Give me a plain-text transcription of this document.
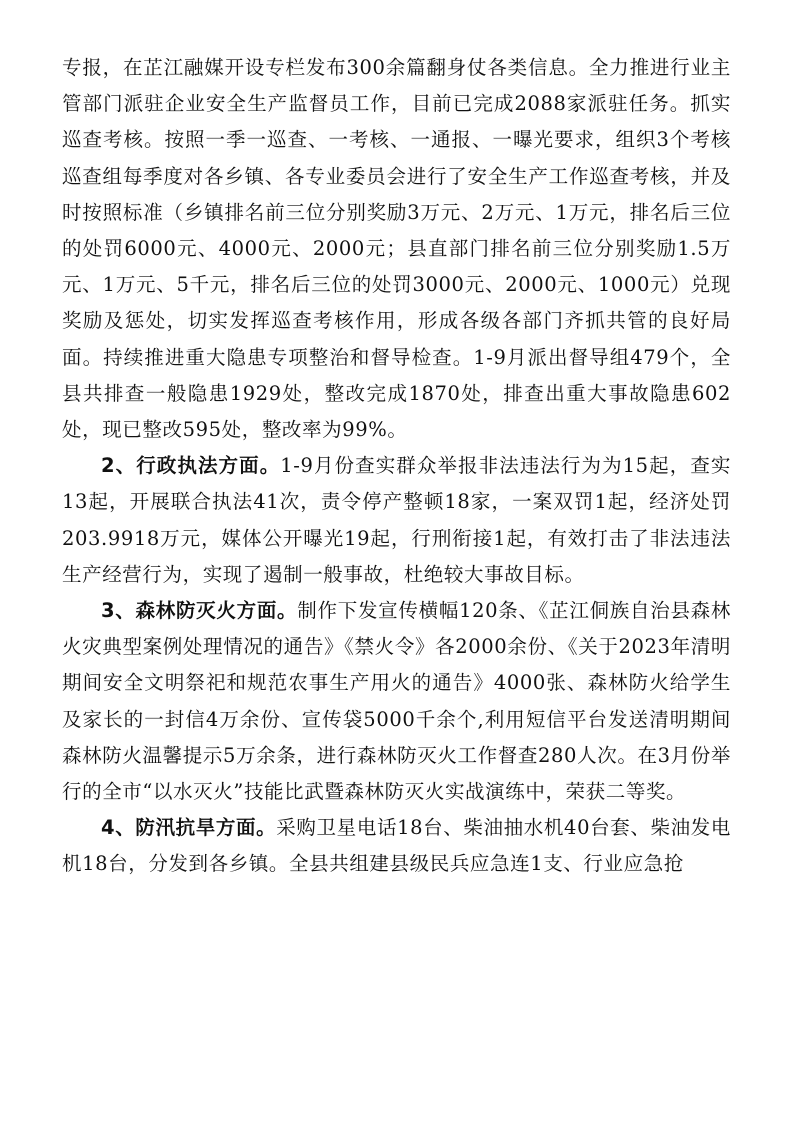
专报，在芷江融媒开设专栏发布300余篇翻身仗各类信息。全力推进行业主管部门派驻企业安全生产监督员工作，目前已完成2088家派驻任务。抓实巡查考核。按照一季一巡查、一考核、一通报、一曝光要求，组织3个考核巡查组每季度对各乡镇、各专业委员会进行了安全生产工作巡查考核，并及时按照标准（乡镇排名前三位分别奖励3万元、2万元、1万元，排名后三位的处罚6000元、4000元、2000元；县直部门排名前三位分别奖励1.5万元、1万元、5千元，排名后三位的处罚3000元、2000元、1000元）兑现奖励及惩处，切实发挥巡查考核作用，形成各级各部门齐抓共管的良好局面。持续推进重大隐患专项整治和督导检查。1-9月派出督导组479个，全县共排查一般隐患1929处，整改完成1870处，排查出重大事故隐患602处，现已整改595处，整改率为99%。

2、行政执法方面。1-9月份查实群众举报非法违法行为为15起，查实13起，开展联合执法41次，责令停产整顿18家，一案双罚1起，经济处罚203.9918万元，媒体公开曝光19起，行刑衔接1起，有效打击了非法违法生产经营行为，实现了遏制一般事故，杜绝较大事故目标。

3、森林防灭火方面。制作下发宣传横幅120条、《芷江侗族自治县森林火灾典型案例处理情况的通告》《禁火令》各2000余份、《关于2023年清明期间安全文明祭祀和规范农事生产用火的通告》4000张、森林防火给学生及家长的一封信4万余份、宣传袋5000千余个,利用短信平台发送清明期间森林防火温馨提示5万余条，进行森林防灭火工作督查280人次。在3月份举行的全市“以水灭火”技能比武暨森林防灭火实战演练中，荣获二等奖。

4、防汛抗旱方面。采购卫星电话18台、柴油抽水机40台套、柴油发电机18台，分发到各乡镇。全县共组建县级民兵应急连1支、行业应急抢
